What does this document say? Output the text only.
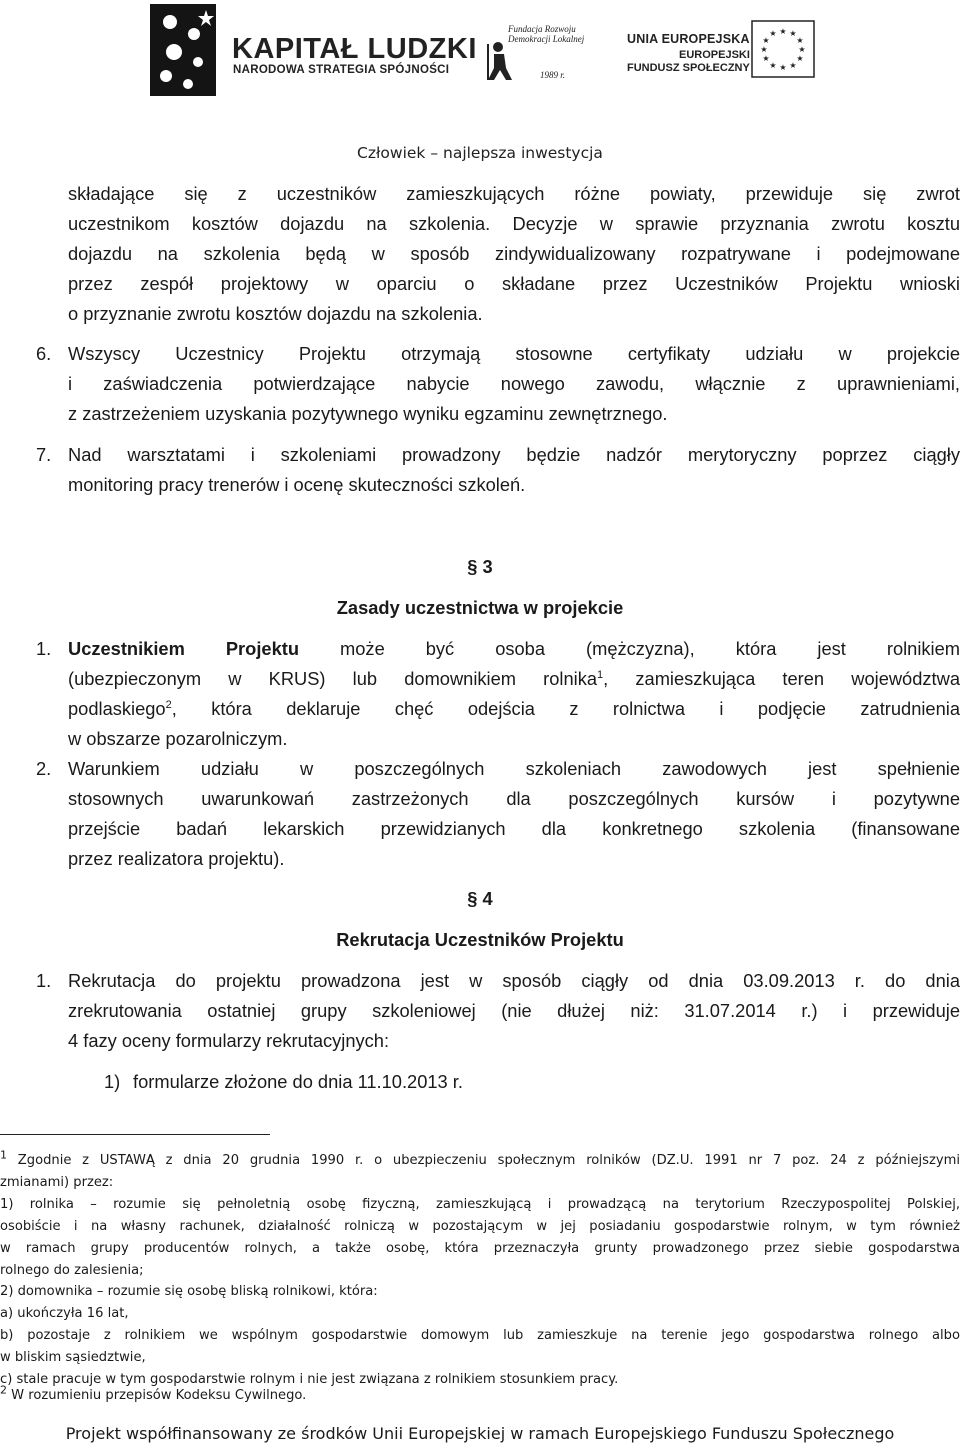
KAPITAŁ LUDZKI
NARODOWA STRATEGIA SPÓJNOŚCI
Fundacja Rozwoju
Demokracji Lokalnej
1989 r.
UNIA EUROPEJSKA
EUROPEJSKI
FUNDUSZ SPOŁECZNY
★ ★
★
★
★
★
★
★
★
★
★
★
Człowiek – najlepsza inwestycja
składające się z uczestników zamieszkujących różne powiaty, przewiduje się zwrot
uczestnikom kosztów dojazdu na szkolenia. Decyzje w sprawie przyznania zwrotu kosztu
dojazdu na szkolenia będą w sposób zindywidualizowany rozpatrywane i podejmowane
przez zespół projektowy w oparciu o składane przez Uczestników Projektu wnioski
o przyznanie zwrotu kosztów dojazdu na szkolenia.
6. Wszyscy Uczestnicy Projektu otrzymają stosowne certyfikaty udziału w projekcie
i zaświadczenia potwierdzające nabycie nowego zawodu, włącznie z uprawnieniami,
z zastrzeżeniem uzyskania pozytywnego wyniku egzaminu zewnętrznego.
7. Nad warsztatami i szkoleniami prowadzony będzie nadzór merytoryczny poprzez ciągły
monitoring pracy trenerów i ocenę skuteczności szkoleń.
§ 3
Zasady uczestnictwa w projekcie
1. Uczestnikiem Projektu może być osoba (mężczyzna), która jest rolnikiem
(ubezpieczonym w KRUS) lub domownikiem rolnika$^1$, zamieszkująca teren województwa
podlaskiego$^2$, która deklaruje chęć odejścia z rolnictwa i podjęcie zatrudnienia
w obszarze pozarolniczym.
2. Warunkiem udziału w poszczególnych szkoleniach zawodowych jest spełnienie
stosownych uwarunkowań zastrzeżonych dla poszczególnych kursów i pozytywne
przejście badań lekarskich przewidzianych dla konkretnego szkolenia (finansowane
przez realizatora projektu).
§ 4
Rekrutacja Uczestników Projektu
1. Rekrutacja do projektu prowadzona jest w sposób ciągły od dnia 03.09.2013 r. do dnia
zrekrutowania ostatniej grupy szkoleniowej (nie dłużej niż: 31.07.2014 r.) i przewiduje
4 fazy oceny formularzy rekrutacyjnych:
1) formularze złożone do dnia 11.10.2013 r.
$^1$ Zgodnie z USTAWĄ z dnia 20 grudnia 1990 r. o ubezpieczeniu społecznym rolników (DZ.U. 1991 nr 7 poz. 24 z późniejszymi
zmianami) przez:
1) rolnika – rozumie się pełnoletnią osobę fizyczną, zamieszkującą i prowadzącą na terytorium Rzeczypospolitej Polskiej,
osobiście i na własny rachunek, działalność rolniczą w pozostającym w jej posiadaniu gospodarstwie rolnym, w tym również
w ramach grupy producentów rolnych, a także osobę, która przeznaczyła grunty prowadzonego przez siebie gospodarstwa
rolnego do zalesienia;
2) domownika – rozumie się osobę bliską rolnikowi, która:
a) ukończyła 16 lat,
b) pozostaje z rolnikiem we wspólnym gospodarstwie domowym lub zamieszkuje na terenie jego gospodarstwa rolnego albo
w bliskim sąsiedztwie,
c) stale pracuje w tym gospodarstwie rolnym i nie jest związana z rolnikiem stosunkiem pracy.
$^2$ W rozumieniu przepisów Kodeksu Cywilnego.
Projekt współfinansowany ze środków Unii Europejskiej w ramach Europejskiego Funduszu Społecznego
